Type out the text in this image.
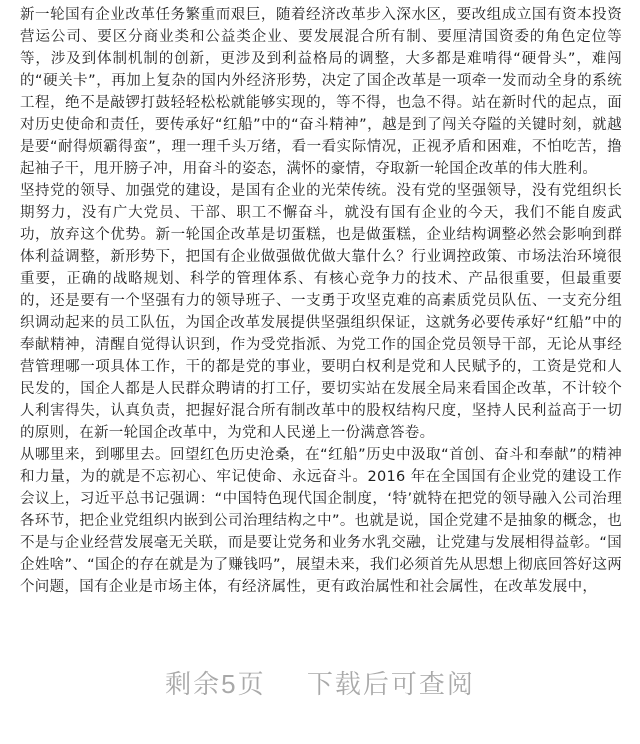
新一轮国有企业改革任务繁重而艰巨，随着经济改革步入深水区，要改组成立国有资本投资营运公司、要区分商业类和公益类企业、要发展混合所有制、要厘清国资委的角色定位等等，涉及到体制机制的创新，更涉及到利益格局的调整，大多都是难啃得“硬骨头”，难闯的“硬关卡”，再加上复杂的国内外经济形势，决定了国企改革是一项牵一发而动全身的系统工程，绝不是敲锣打鼓轻轻松松就能够实现的，等不得，也急不得。站在新时代的起点，面对历史使命和责任，要传承好“红船”中的“奋斗精神”，越是到了闯关夺隘的关键时刻，就越是要“耐得烦霸得蛮”，理一理千头万绪，看一看实际情况，正视矛盾和困难，不怕吃苦，撸起袖子干，甩开膀子冲，用奋斗的姿态，满怀的豪情，夺取新一轮国企改革的伟大胜利。

坚持党的领导、加强党的建设，是国有企业的光荣传统。没有党的坚强领导，没有党组织长期努力，没有广大党员、干部、职工不懈奋斗，就没有国有企业的今天，我们不能自废武功，放弃这个优势。新一轮国企改革是切蛋糕，也是做蛋糕，企业结构调整必然会影响到群体利益调整，新形势下，把国有企业做强做优做大靠什么？行业调控政策、市场法治环境很重要，正确的战略规划、科学的管理体系、有核心竞争力的技术、产品很重要，但最重要的，还是要有一个坚强有力的领导班子、一支勇于攻坚克难的高素质党员队伍、一支充分组织调动起来的员工队伍，为国企改革发展提供坚强组织保证，这就务必要传承好“红船”中的奉献精神，清醒自觉得认识到，作为受党指派、为党工作的国企党员领导干部，无论从事经营管理哪一项具体工作，干的都是党的事业，要明白权利是党和人民赋予的，工资是党和人民发的，国企人都是人民群众聘请的打工仔，要切实站在发展全局来看国企改革，不计较个人利害得失，认真负责，把握好混合所有制改革中的股权结构尺度，坚持人民利益高于一切的原则，在新一轮国企改革中，为党和人民递上一份满意答卷。

从哪里来，到哪里去。回望红色历史沧桑，在“红船”历史中汲取“首创、奋斗和奉献”的精神和力量，为的就是不忘初心、牢记使命、永远奋斗。2016 年在全国国有企业党的建设工作会议上，习近平总书记强调：“中国特色现代国企制度，‘特’就特在把党的领导融入公司治理各环节，把企业党组织内嵌到公司治理结构之中”。也就是说，国企党建不是抽象的概念，也不是与企业经营发展毫无关联，而是要让党务和业务水乳交融，让党建与发展相得益彰。“国企姓啥”、“国企的存在就是为了赚钱吗”，展望未来，我们必须首先从思想上彻底回答好这两个问题，国有企业是市场主体，有经济属性，更有政治属性和社会属性，在改革发展中，

剩余5页 下载后可查阅
